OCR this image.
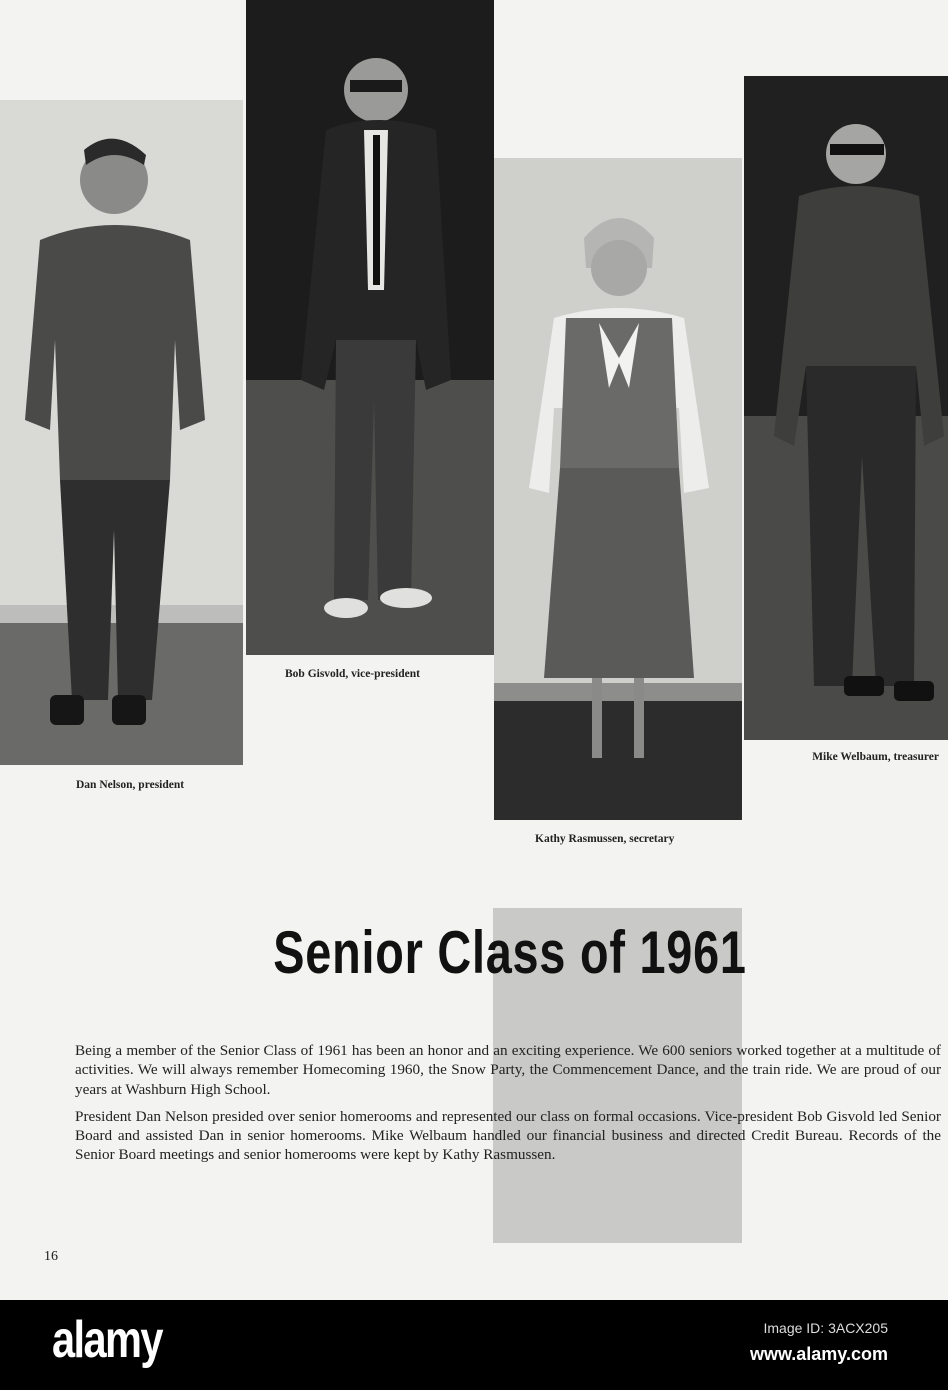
Dan Nelson, president
Bob Gisvold, vice-president
Kathy Rasmussen, secretary
Mike Welbaum, treasurer
Senior Class of 1961

Being a member of the Senior Class of 1961 has been an honor and an exciting experience. We 600 seniors worked together at a multitude of activities. We will always remember Homecoming 1960, the Snow Party, the Commencement Dance, and the train ride. We are proud of our years at Washburn High School.

President Dan Nelson presided over senior homerooms and represented our class on formal occasions. Vice-president Bob Gisvold led Senior Board and assisted Dan in senior homerooms. Mike Welbaum handled our financial business and directed Credit Bureau. Records of the Senior Board meetings and senior homerooms were kept by Kathy Rasmussen.

16
alamy	Image ID: 3ACX205
www.alamy.com
